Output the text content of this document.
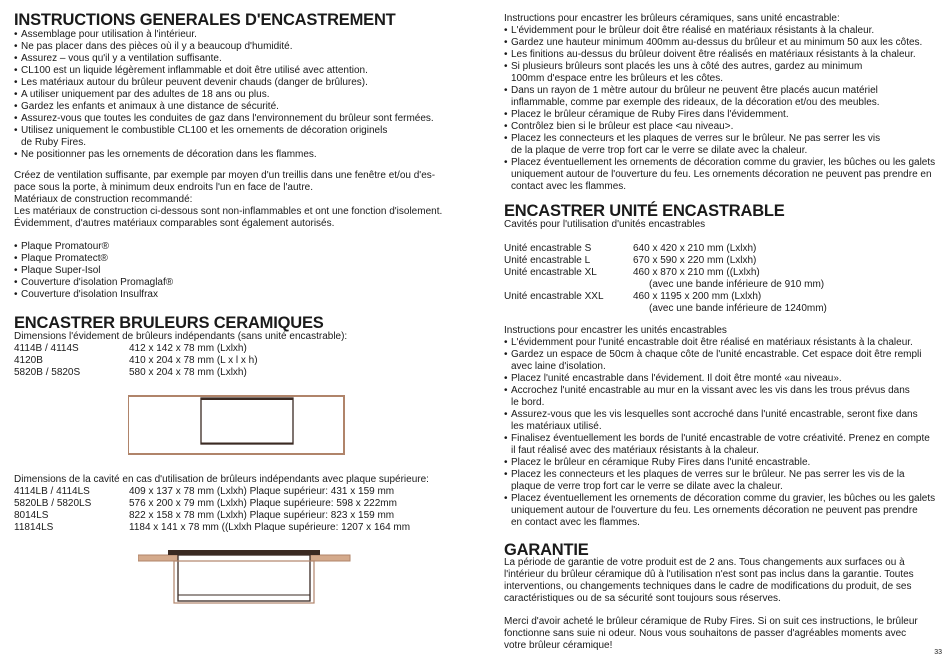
INSTRUCTIONS GENERALES D'ENCASTREMENT
• Assemblage pour utilisation à l'intérieur.
• Ne pas placer dans des pièces où il y a beaucoup d'humidité.
• Assurez – vous qu'il y a ventilation suffisante.
• CL100 est un liquide légèrement inflammable et doit être utilisé avec attention.
• Les matériaux autour du brûleur peuvent devenir chauds (danger de brûlures).
• A utiliser uniquement par des adultes de 18 ans ou plus.
• Gardez les enfants et animaux à une distance de sécurité.
• Assurez-vous que toutes les conduites de gaz dans l'environnement du brûleur sont fermées.
• Utilisez uniquement le combustible CL100 et les ornements de décoration originels
de Ruby Fires.
• Ne positionner pas les ornements de décoration dans les flammes.
Créez de ventilation suffisante, par exemple par moyen d'un treillis dans une fenêtre et/ou d'es-
pace sous la porte, à minimum deux endroits l'un en face de l'autre.
Matériaux de construction recommandé:
Les matériaux de construction ci-dessous sont non-inflammables et ont une fonction d'isolement.
Évidemment, d'autres matériaux comparables sont également autorisés.
• Plaque Promatour®
• Plaque Promatect®
• Plaque Super-Isol
• Couverture d'isolation Promaglaf®
• Couverture d'isolation Insulfrax
ENCASTRER BRULEURS CERAMIQUES
Dimensions l'évidement de brûleurs indépendants (sans unité encastrable):
4114B / 4114S	412 x 142 x 78 mm (Lxlxh)
4120B	410 x 204 x 78 mm (L x l x h)
5820B / 5820S	580 x 204 x 78 mm (Lxlxh)
Dimensions de la cavité en cas d'utilisation de brûleurs indépendants avec plaque supérieure:
4114LB / 4114LS	409 x 137 x 78 mm (Lxlxh) Plaque supérieur: 431 x 159 mm
5820LB / 5820LS	576 x 200 x 79 mm (Lxlxh) Plaque supérieure: 598 x 222mm
8014LS	822 x 158 x 78 mm (Lxlxh) Plaque supérieur: 823 x 159 mm
11814LS	1184 x 141 x 78 mm ((Lxlxh Plaque supérieure: 1207 x 164 mm
Instructions pour encastrer les brûleurs céramiques, sans unité encastrable:
• L'évidemment pour le brûleur doit être réalisé en matériaux résistants à la chaleur.
• Gardez une hauteur minimum 400mm au-dessus du brûleur et au minimum 50 aux les côtes.
• Les finitions au-dessus du brûleur doivent être réalisés en matériaux résistants à la chaleur.
• Si plusieurs brûleurs sont placés les uns à côté des autres, gardez au minimum
100mm d'espace entre les brûleurs et les côtes.
• Dans un rayon de 1 mètre autour du brûleur ne peuvent être placés aucun matériel
inflammable, comme par exemple des rideaux, de la décoration et/ou des meubles.
• Placez le brûleur céramique de Ruby Fires dans l'évidemment.
• Contrôlez bien si le brûleur est place <au niveau>.
• Placez les connecteurs et les plaques de verres sur le brûleur. Ne pas serrer les vis
de la plaque de verre trop fort car le verre se dilate avec la chaleur.
• Placez éventuellement les ornements de décoration comme du gravier, les bûches ou les galets
uniquement autour de l'ouverture du feu. Les ornements décoration ne peuvent pas prendre en
contact avec les flammes.
ENCASTRER UNITÉ ENCASTRABLE
Cavités pour l'utilisation d'unités encastrables
Unité encastrable S	640 x 420 x 210 mm (Lxlxh)
Unité encastrable L	670 x 590 x 220 mm (Lxlxh)
Unité encastrable XL	460 x 870 x 210 mm ((Lxlxh)
(avec une bande inférieure de 910 mm)
Unité encastrable XXL	460 x 1195 x 200 mm (Lxlxh)
(avec une bande inférieure de 1240mm)
Instructions pour encastrer les unités encastrables
• L'évidemment pour l'unité encastrable doit être réalisé en matériaux résistants à la chaleur.
• Gardez un espace de 50cm à chaque côte de l'unité encastrable. Cet espace doit être rempli
avec laine d'isolation.
• Placez l'unité encastrable dans l'évidement. Il doit être monté «au niveau».
• Accrochez l'unité encastrable au mur en la vissant avec les vis dans les trous prévus dans
le bord.
• Assurez-vous que les vis lesquelles sont accroché dans l'unité encastrable, seront fixe dans
les matériaux utilisé.
• Finalisez éventuellement les bords de l'unité encastrable de votre créativité. Prenez en compte
il faut réalisé avec des matériaux résistants à la chaleur.
• Placez le brûleur en céramique Ruby Fires dans l'unité encastrable.
• Placez les connecteurs et les plaques de verres sur le brûleur. Ne pas serrer les vis de la
plaque de verre trop fort car le verre se dilate avec la chaleur.
• Placez éventuellement les ornements de décoration comme du gravier, les bûches ou les galets
uniquement autour de l'ouverture du feu. Les ornements décoration ne peuvent pas prendre
en contact avec les flammes.
GARANTIE
La période de garantie de votre produit est de 2 ans. Tous changements aux surfaces ou à
l'intérieur du brûleur céramique dû à l'utilisation n'est sont pas inclus dans la garantie. Toutes
interventions, ou changements techniques dans le cadre de modifications du produit, de ses
caractéristiques ou de sa sécurité sont toujours sous réserves.
Merci d'avoir acheté le brûleur céramique de Ruby Fires. Si on suit ces instructions, le brûleur
fonctionne sans suie ni odeur. Nous vous souhaitons de passer d'agréables moments avec
votre brûleur céramique!
33
